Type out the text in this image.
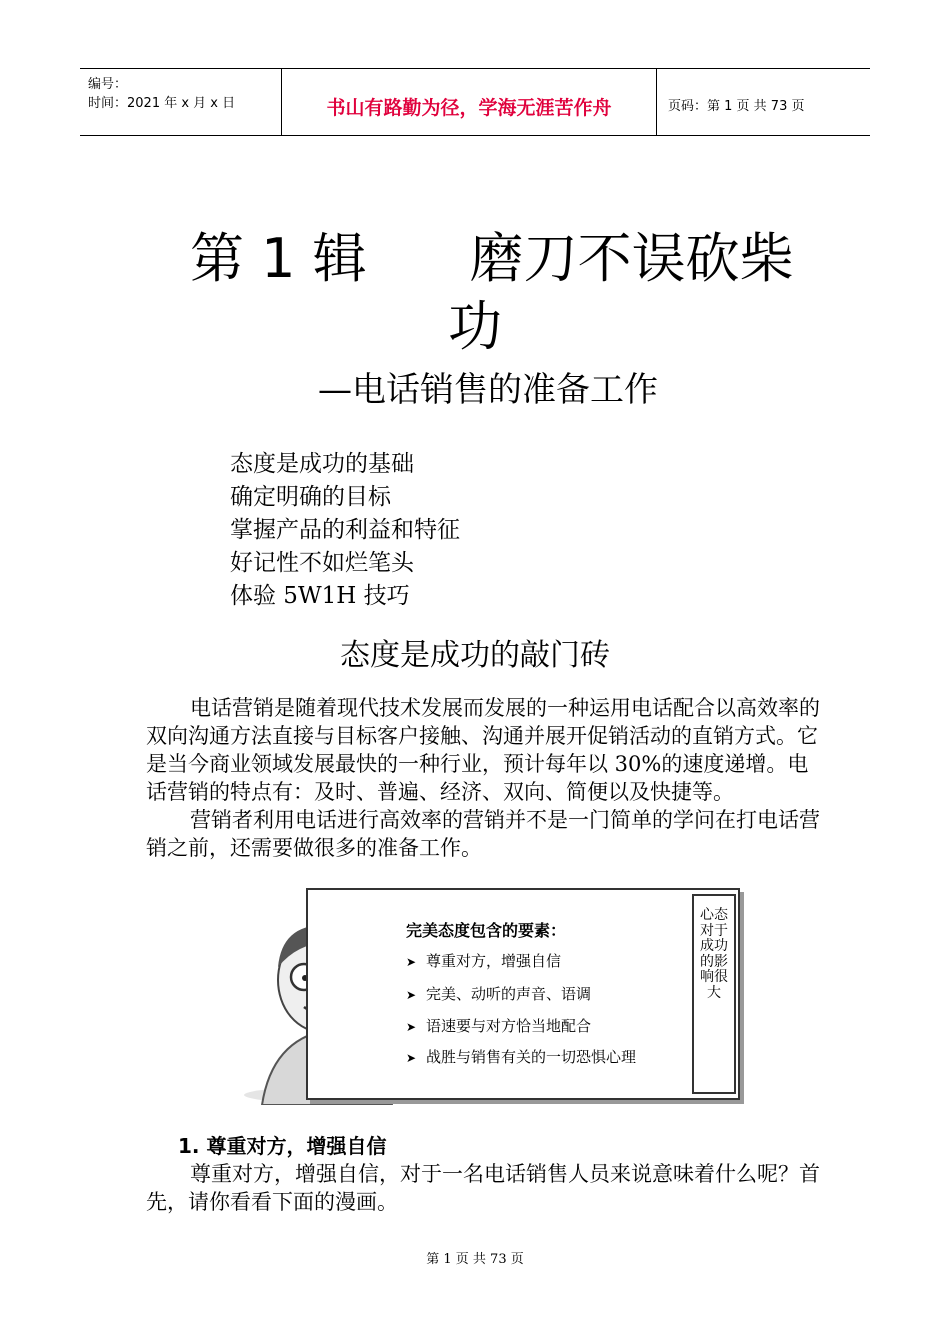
编号：
时间：2021 年 x 月 x 日	书山有路勤为径，学海无涯苦作舟	页码：第 1 页 共 73 页
第 1 辑      磨刀不误砍柴
功
—电话销售的准备工作
态度是成功的基础
确定明确的目标
掌握产品的利益和特征
好记性不如烂笔头
体验 5W1H 技巧
态度是成功的敲门砖
电话营销是随着现代技术发展而发展的一种运用电话配合以高效率的双向沟通方法直接与目标客户接触、沟通并展开促销活动的直销方式。它是当今商业领域发展最快的一种行业，预计每年以 30%的速度递增。电话营销的特点有：及时、普遍、经济、双向、简便以及快捷等。
营销者利用电话进行高效率的营销并不是一门简单的学问在打电话营销之前，还需要做很多的准备工作。
完美态度包含的要素：
➤ 尊重对方，增强自信
➤ 完美、动听的声音、语调
➤ 语速要与对方恰当地配合
➤ 战胜与销售有关的一切恐惧心理
心态对于成功的影响很大
1. 尊重对方，增强自信
尊重对方，增强自信，对于一名电话销售人员来说意味着什么呢？首先，请你看看下面的漫画。
第 1 页 共 73 页
